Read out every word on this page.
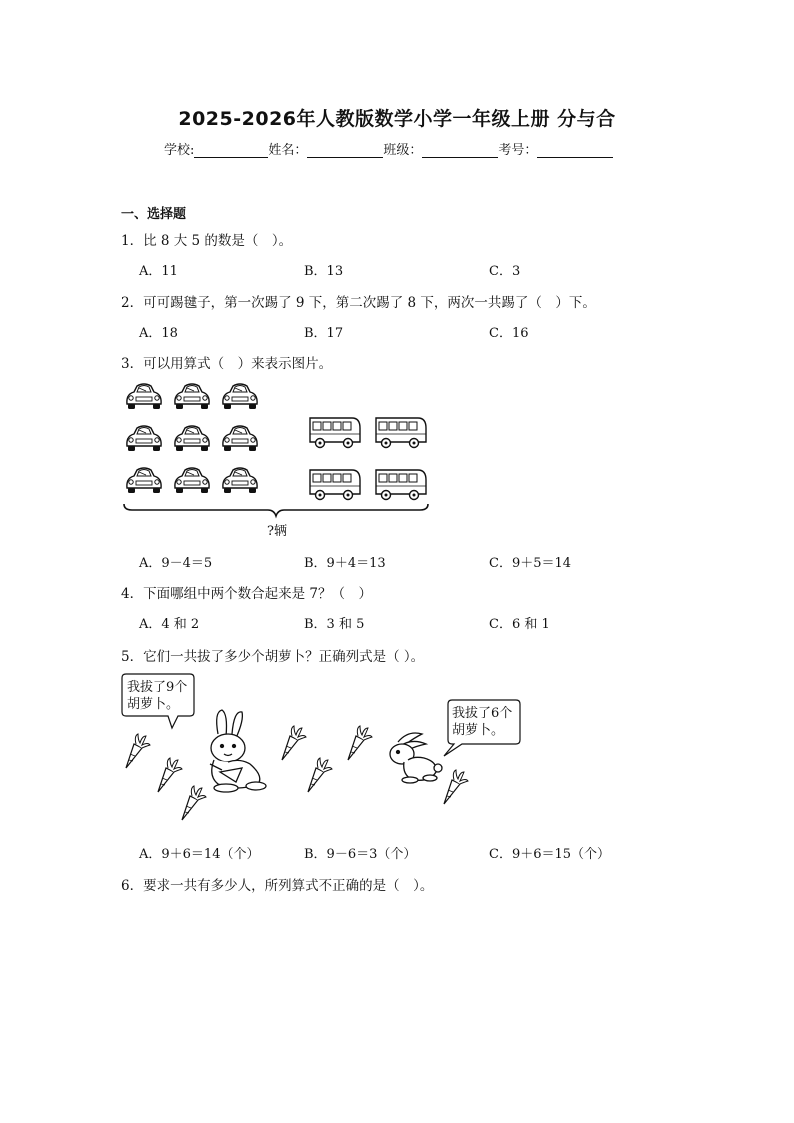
2025-2026年人教版数学小学一年级上册 分与合
学校:	姓名：	班级：	考号：
一、选择题
1．比 8 大 5 的数是（　）。
A．11	B．13	C．3
2．可可踢毽子，第一次踢了 9 下，第二次踢了 8 下，两次一共踢了（　）下。
A．18	B．17	C．16
3．可以用算式（　）来表示图片。
?辆
A．9－4＝5	B．9＋4＝13	C．9＋5＝14
4．下面哪组中两个数合起来是 7？（　）
A．4 和 2	B．3 和 5	C．6 和 1
5．它们一共拔了多少个胡萝卜？正确列式是（ ）。
我拔了9个
胡萝卜。
我拔了6个
胡萝卜。
A．9＋6＝14（个）	B．9－6＝3（个）	C．9＋6＝15（个）
6．要求一共有多少人，所列算式不正确的是（　）。
